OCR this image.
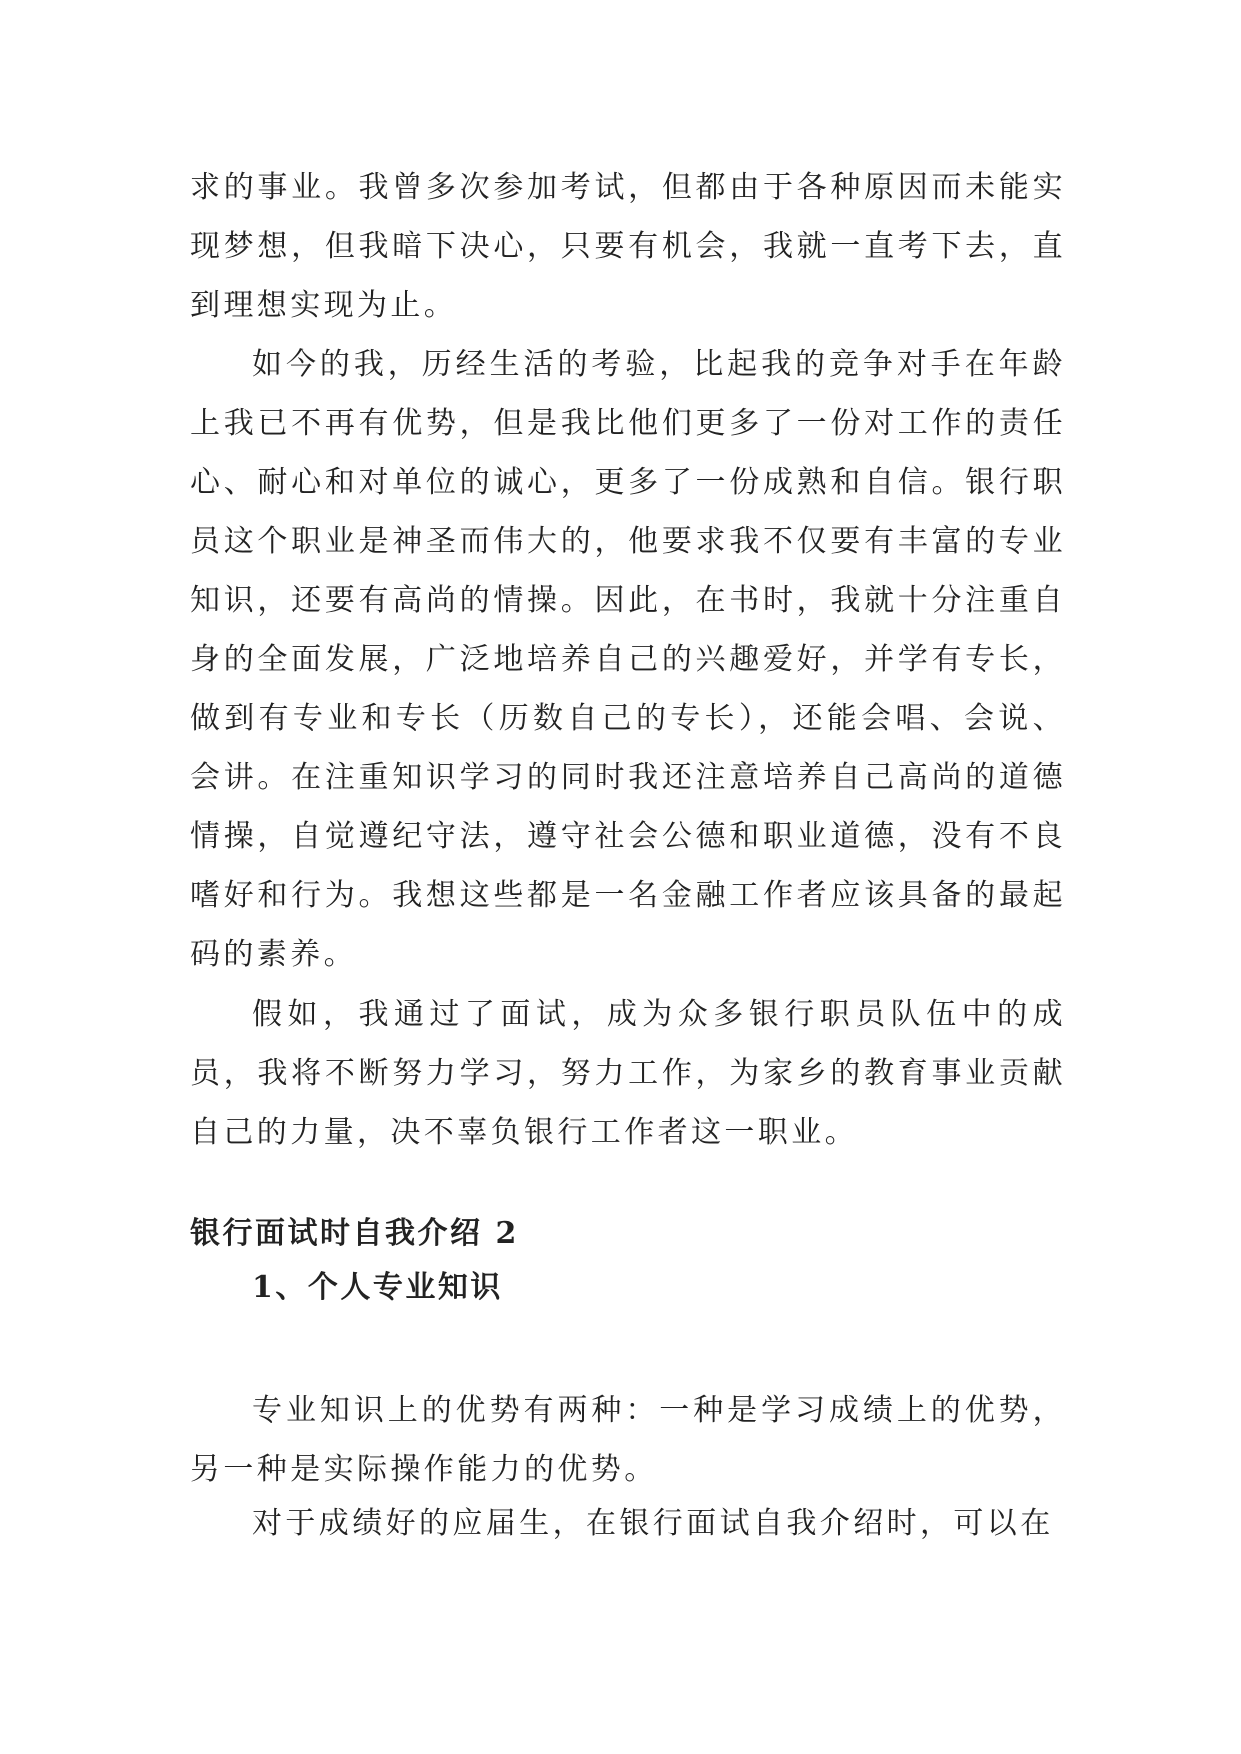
求的事业。我曾多次参加考试，但都由于各种原因而未能实现梦想，但我暗下决心，只要有机会，我就一直考下去，直到理想实现为止。

如今的我，历经生活的考验，比起我的竞争对手在年龄上我已不再有优势，但是我比他们更多了一份对工作的责任心、耐心和对单位的诚心，更多了一份成熟和自信。银行职员这个职业是神圣而伟大的，他要求我不仅要有丰富的专业知识，还要有高尚的情操。因此，在书时，我就十分注重自身的全面发展，广泛地培养自己的兴趣爱好，并学有专长，做到有专业和专长（历数自己的专长），还能会唱、会说、会讲。在注重知识学习的同时我还注意培养自己高尚的道德情操，自觉遵纪守法，遵守社会公德和职业道德，没有不良嗜好和行为。我想这些都是一名金融工作者应该具备的最起码的素养。

假如，我通过了面试，成为众多银行职员队伍中的成员，我将不断努力学习，努力工作，为家乡的教育事业贡献自己的力量，决不辜负银行工作者这一职业。

银行面试时自我介绍 2
1、个人专业知识

专业知识上的优势有两种：一种是学习成绩上的优势，另一种是实际操作能力的优势。

对于成绩好的应届生，在银行面试自我介绍时，可以在
